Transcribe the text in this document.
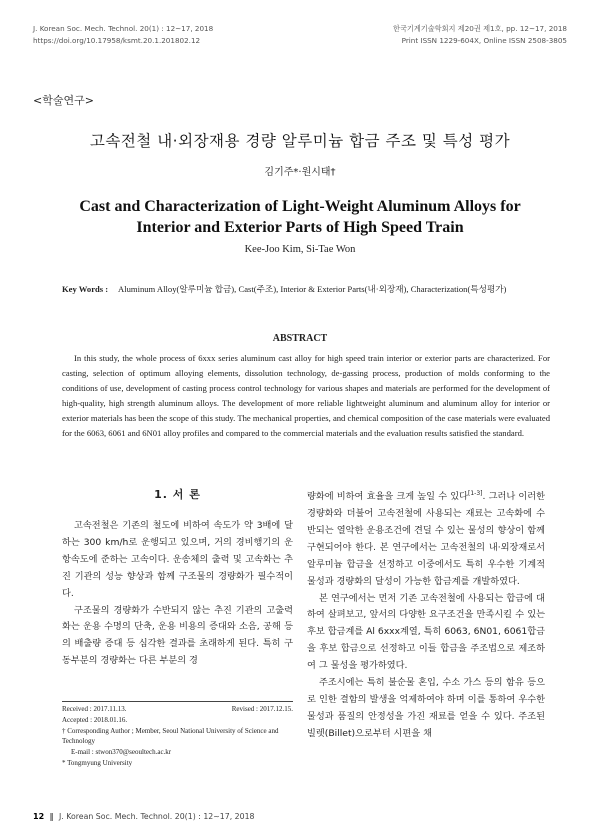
J. Korean Soc. Mech. Technol. 20(1) : 12~17, 2018
https://doi.org/10.17958/ksmt.20.1.201802.12
한국기계기술학회지 제20권 제1호, pp. 12~17, 2018
Print ISSN 1229-604X, Online ISSN 2508-3805
<학술연구>
고속전철 내·외장재용 경량 알루미늄 합금 주조 및 특성 평가
김기주*·원시태†
Cast and Characterization of Light-Weight Aluminum Alloys for
Interior and Exterior Parts of High Speed Train
Kee-Joo Kim, Si-Tae Won
Key Words : Aluminum Alloy(알루미늄 합금), Cast(주조), Interior & Exterior Parts(내·외장재), Characterization(특성평가)
ABSTRACT
In this study, the whole process of 6xxx series aluminum cast alloy for high speed train interior or exterior parts are characterized. For casting, selection of optimum alloying elements, dissolution technology, de-gassing process, production of molds conforming to the conditions of use, development of casting process control technology for various shapes and materials are performed for the development of high-quality, high strength aluminum alloys. The development of more reliable lightweight aluminum and aluminum alloy for interior or exterior materials has been the scope of this study. The mechanical properties, and chemical composition of the case materials were evaluated for the 6063, 6061 and 6N01 alloy profiles and compared to the commercial materials and the evaluation results satisfied the standard.
1. 서 론

고속전철은 기존의 철도에 비하여 속도가 약 3배에 달하는 300 km/h로 운행되고 있으며, 거의 경비행기의 운항속도에 준하는 고속이다. 운송체의 출력 및 고속화는 추진 기관의 성능 향상과 함께 구조물의 경량화가 필수적이다.

구조물의 경량화가 수반되지 않는 추진 기관의 고출력화는 운용 수명의 단축, 운용 비용의 증대와 소음, 공해 등의 배출량 증대 등 심각한 결과를 초래하게 된다. 특히 구동부분의 경량화는 다른 부분의 경

량화에 비하여 효율을 크게 높일 수 있다[1-3]. 그러나 이러한 경량화와 더불어 고속전철에 사용되는 재료는 고속화에 수반되는 열악한 운용조건에 견딜 수 있는 물성의 향상이 함께 구현되어야 한다. 본 연구에서는 고속전철의 내·외장재로서 알루미늄 합금을 선정하고 이중에서도 특히 우수한 기계적 물성과 경량화의 달성이 가능한 합금계를 개발하였다.

본 연구에서는 먼저 기존 고속전철에 사용되는 합금에 대하여 살펴보고, 앞서의 다양한 요구조건을 만족시킬 수 있는 후보 합금계를 Al 6xxx계열, 특히 6063, 6N01, 6061합금을 후보 합금으로 선정하고 이들 합금을 주조법으로 제조하여 그 물성을 평가하였다.

주조시에는 특히 불순물 혼입, 수소 가스 등의 함유 등으로 인한 결함의 발생을 억제하여야 하며 이를 통하여 우수한 물성과 품질의 안정성을 가진 재료를 얻을 수 있다. 주조된 빌렛(Billet)으로부터 시편을 채

Received : 2017.11.13.	Revised : 2017.12.15.
Accepted : 2018.01.16.
† Corresponding Author ; Member, Seoul National University of Science and Technology
E-mail : stwon370@seoultech.ac.kr
* Tongmyung University
12 ‖ J. Korean Soc. Mech. Technol. 20(1) : 12~17, 2018
